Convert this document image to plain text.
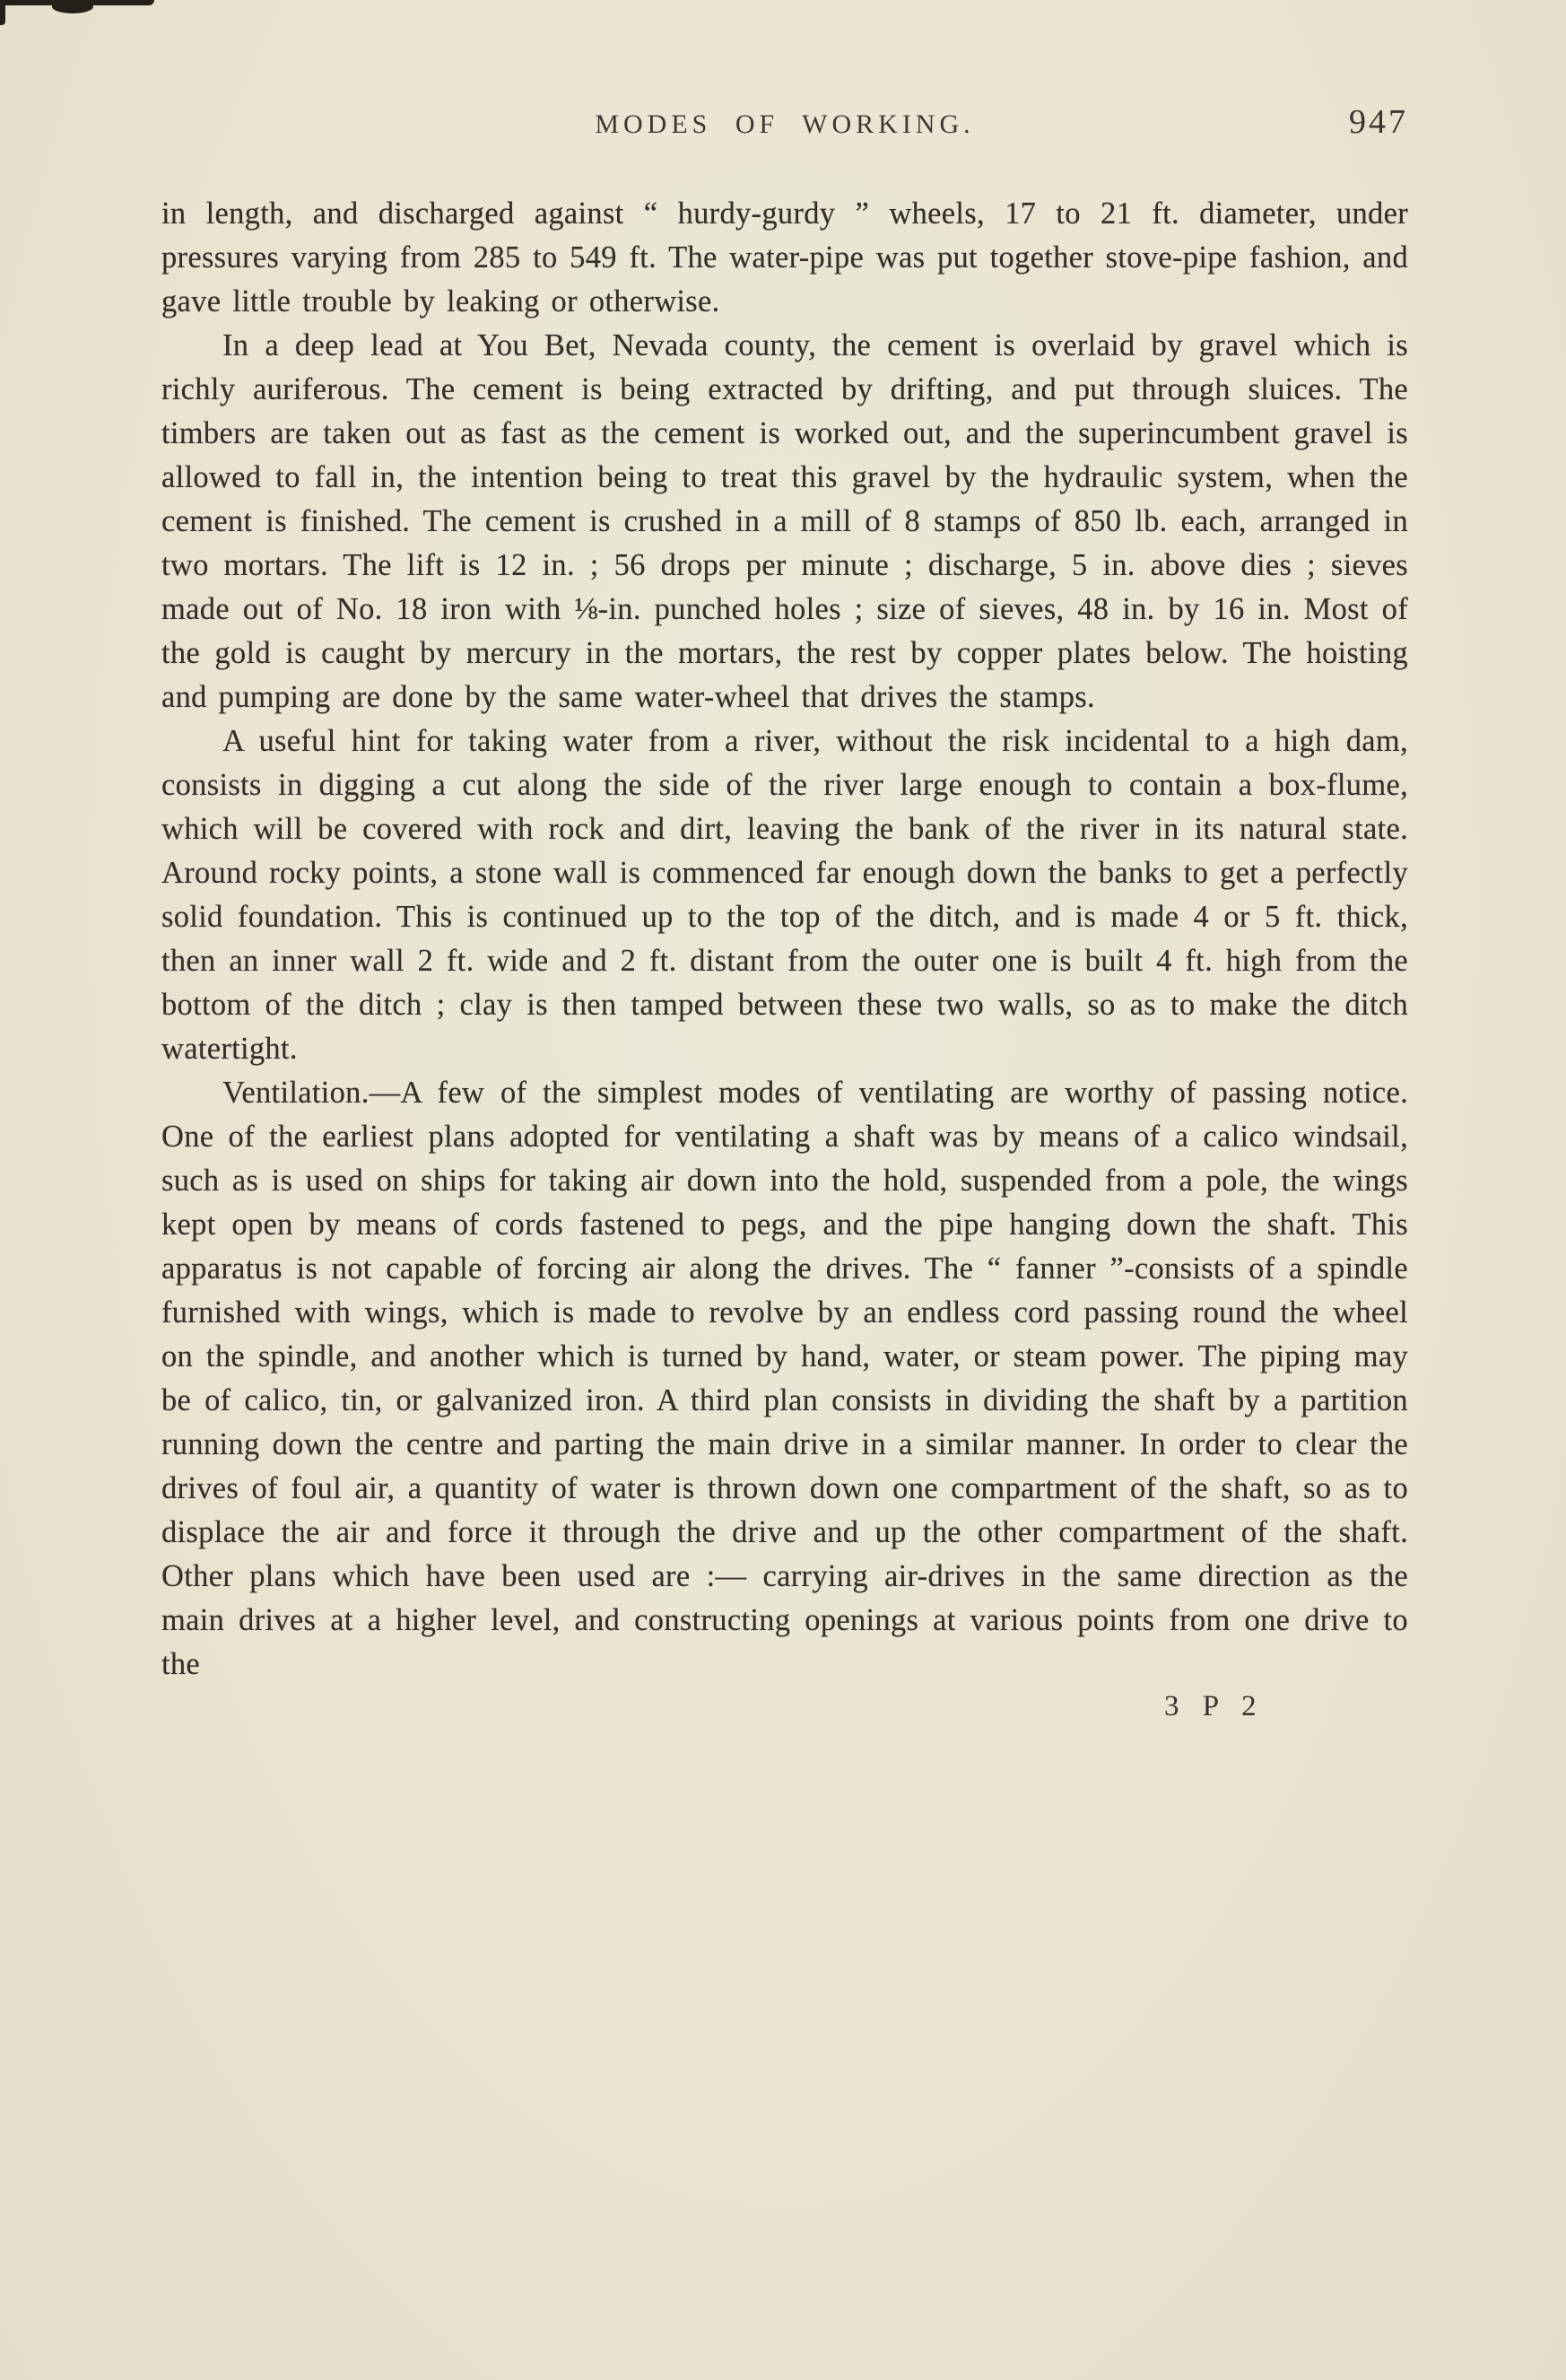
MODES OF WORKING.	947

in length, and discharged against “ hurdy-gurdy ” wheels, 17 to 21 ft. diameter, under pressures varying from 285 to 549 ft. The water-pipe was put together stove-pipe fashion, and gave little trouble by leaking or otherwise.

In a deep lead at You Bet, Nevada county, the cement is overlaid by gravel which is richly auriferous. The cement is being extracted by drifting, and put through sluices. The timbers are taken out as fast as the cement is worked out, and the superincumbent gravel is allowed to fall in, the intention being to treat this gravel by the hydraulic system, when the cement is finished. The cement is crushed in a mill of 8 stamps of 850 lb. each, arranged in two mortars. The lift is 12 in. ; 56 drops per minute ; discharge, 5 in. above dies ; sieves made out of No. 18 iron with ⅛-in. punched holes ; size of sieves, 48 in. by 16 in. Most of the gold is caught by mercury in the mortars, the rest by copper plates below. The hoisting and pumping are done by the same water-wheel that drives the stamps.

A useful hint for taking water from a river, without the risk incidental to a high dam, consists in digging a cut along the side of the river large enough to contain a box-flume, which will be covered with rock and dirt, leaving the bank of the river in its natural state. Around rocky points, a stone wall is commenced far enough down the banks to get a perfectly solid foundation. This is continued up to the top of the ditch, and is made 4 or 5 ft. thick, then an inner wall 2 ft. wide and 2 ft. distant from the outer one is built 4 ft. high from the bottom of the ditch ; clay is then tamped between these two walls, so as to make the ditch watertight.

Ventilation.—A few of the simplest modes of ventilating are worthy of passing notice. One of the earliest plans adopted for ventilating a shaft was by means of a calico windsail, such as is used on ships for taking air down into the hold, suspended from a pole, the wings kept open by means of cords fastened to pegs, and the pipe hanging down the shaft. This apparatus is not capable of forcing air along the drives. The “ fanner ”-consists of a spindle furnished with wings, which is made to revolve by an endless cord passing round the wheel on the spindle, and another which is turned by hand, water, or steam power. The piping may be of calico, tin, or galvanized iron. A third plan consists in dividing the shaft by a partition running down the centre and parting the main drive in a similar manner. In order to clear the drives of foul air, a quantity of water is thrown down one compartment of the shaft, so as to displace the air and force it through the drive and up the other compartment of the shaft. Other plans which have been used are :— carrying air-drives in the same direction as the main drives at a higher level, and constructing openings at various points from one drive to the

3 P 2
